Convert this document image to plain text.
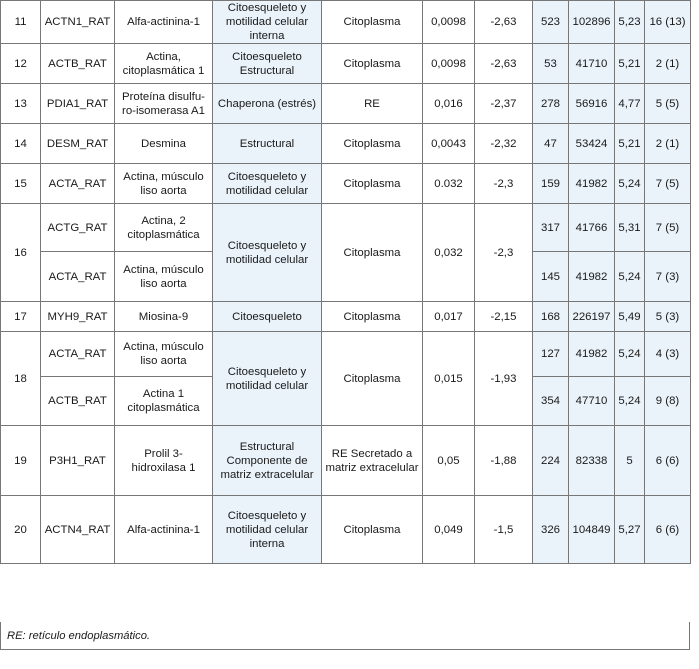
11	ACTN1_RAT	Alfa-actinina-1	Citoesqueleto y motilidad celular interna	Citoplasma	0,0098	-2,63	523	102896	5,23	16 (13)
12	ACTB_RAT	Actina, citoplasmática 1	Citoesqueleto Estructural	Citoplasma	0,0098	-2,63	53	41710	5,21	2 (1)
13	PDIA1_RAT	Proteína disulfu-ro-isomerasa A1	Chaperona (estrés)	RE	0,016	-2,37	278	56916	4,77	5 (5)
14	DESM_RAT	Desmina	Estructural	Citoplasma	0,0043	-2,32	47	53424	5,21	2 (1)
15	ACTA_RAT	Actina, músculo liso aorta	Citoesqueleto y motilidad celular	Citoplasma	0.032	-2,3	159	41982	5,24	7 (5)
16	ACTG_RAT	Actina, 2 citoplasmática	Citoesqueleto y motilidad celular	Citoplasma	0,032	-2,3	317	41766	5,31	7 (5)
	ACTA_RAT	Actina, músculo liso aorta					145	41982	5,24	7 (3)
17	MYH9_RAT	Miosina-9	Citoesqueleto	Citoplasma	0,017	-2,15	168	226197	5,49	5 (3)
18	ACTA_RAT	Actina, músculo liso aorta	Citoesqueleto y motilidad celular	Citoplasma	0,015	-1,93	127	41982	5,24	4 (3)
	ACTB_RAT	Actina 1 citoplasmática					354	47710	5,24	9 (8)
19	P3H1_RAT	Prolil 3-hidroxilasa 1	Estructural Componente de matriz extracelular	RE Secretado a matriz extracelular	0,05	-1,88	224	82338	5	6 (6)
20	ACTN4_RAT	Alfa-actinina-1	Citoesqueleto y motilidad celular interna	Citoplasma	0,049	-1,5	326	104849	5,27	6 (6)
RE: retículo endoplasmático.
